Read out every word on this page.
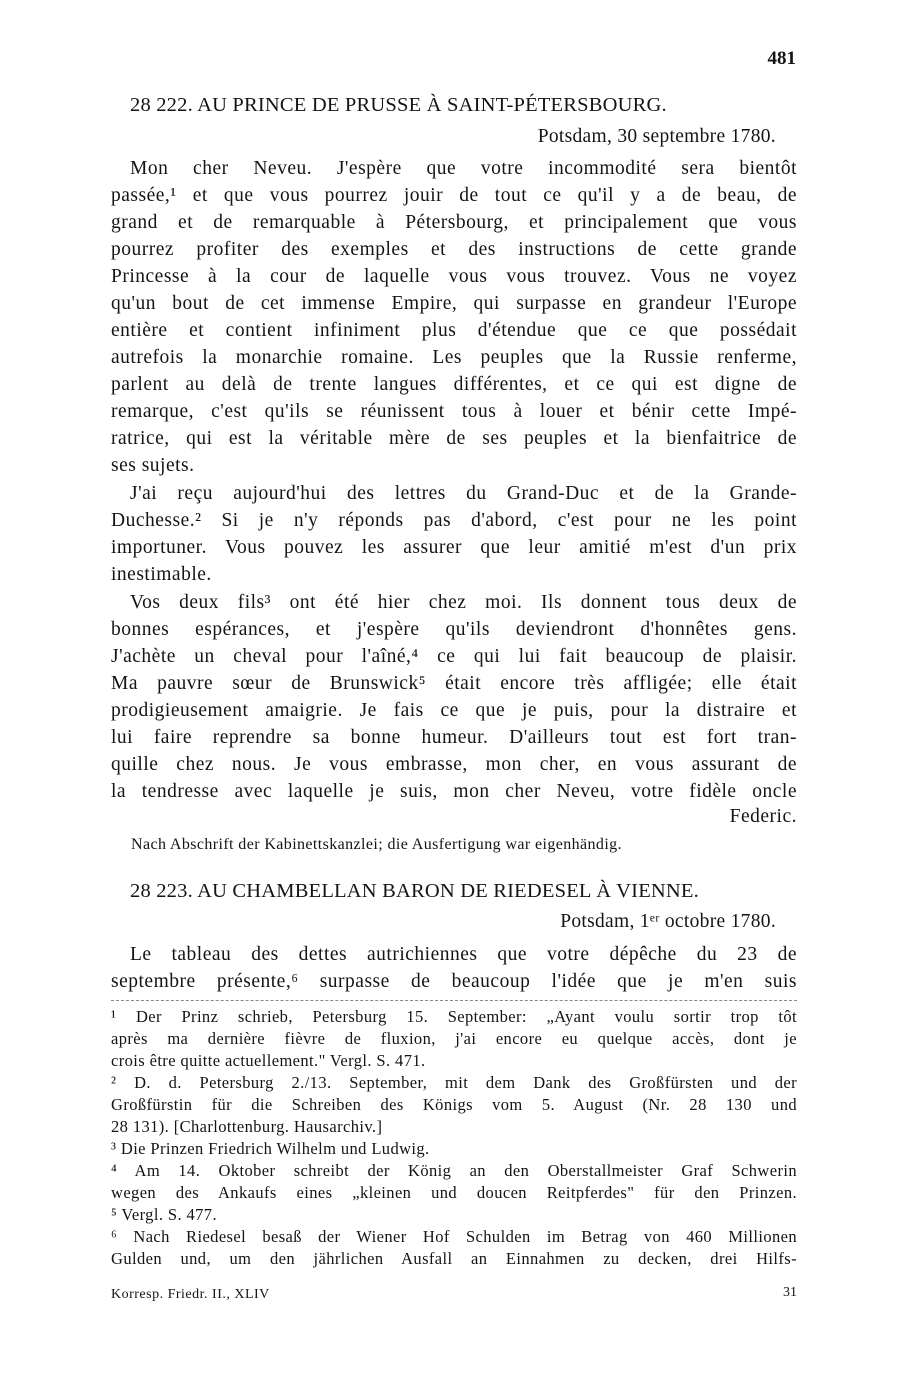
481
28 222. AU PRINCE DE PRUSSE À SAINT-PÉTERSBOURG.
Potsdam, 30 septembre 1780.
Mon cher Neveu. J'espère que votre incommodité sera bientôt
passée,¹ et que vous pourrez jouir de tout ce qu'il y a de beau, de
grand et de remarquable à Pétersbourg, et principalement que vous
pourrez profiter des exemples et des instructions de cette grande
Princesse à la cour de laquelle vous vous trouvez. Vous ne voyez
qu'un bout de cet immense Empire, qui surpasse en grandeur l'Europe
entière et contient infiniment plus d'étendue que ce que possédait
autrefois la monarchie romaine. Les peuples que la Russie renferme,
parlent au delà de trente langues différentes, et ce qui est digne de
remarque, c'est qu'ils se réunissent tous à louer et bénir cette Impé-
ratrice, qui est la véritable mère de ses peuples et la bienfaitrice de
ses sujets.
J'ai reçu aujourd'hui des lettres du Grand-Duc et de la Grande-
Duchesse.² Si je n'y réponds pas d'abord, c'est pour ne les point
importuner. Vous pouvez les assurer que leur amitié m'est d'un prix
inestimable.
Vos deux fils³ ont été hier chez moi. Ils donnent tous deux de
bonnes espérances, et j'espère qu'ils deviendront d'honnêtes gens.
J'achète un cheval pour l'aîné,⁴ ce qui lui fait beaucoup de plaisir.
Ma pauvre sœur de Brunswick⁵ était encore très affligée; elle était
prodigieusement amaigrie. Je fais ce que je puis, pour la distraire et
lui faire reprendre sa bonne humeur. D'ailleurs tout est fort tran-
quille chez nous. Je vous embrasse, mon cher, en vous assurant de
la tendresse avec laquelle je suis, mon cher Neveu, votre fidèle oncle
Federic.
Nach Abschrift der Kabinettskanzlei; die Ausfertigung war eigenhändig.
28 223. AU CHAMBELLAN BARON DE RIEDESEL À VIENNE.
Potsdam, 1ᵉʳ octobre 1780.
Le tableau des dettes autrichiennes que votre dépêche du 23 de
septembre présente,⁶ surpasse de beaucoup l'idée que je m'en suis
¹ Der Prinz schrieb, Petersburg 15. September: „Ayant voulu sortir trop tôt
après ma dernière fièvre de fluxion, j'ai encore eu quelque accès, dont je
crois être quitte actuellement." Vergl. S. 471.
² D. d. Petersburg 2./13. September, mit dem Dank des Großfürsten und der
Großfürstin für die Schreiben des Königs vom 5. August (Nr. 28 130 und
28 131). [Charlottenburg. Hausarchiv.]
³ Die Prinzen Friedrich Wilhelm und Ludwig.
⁴ Am 14. Oktober schreibt der König an den Oberstallmeister Graf Schwerin
wegen des Ankaufs eines „kleinen und doucen Reitpferdes" für den Prinzen.
⁵ Vergl. S. 477.
⁶ Nach Riedesel besaß der Wiener Hof Schulden im Betrag von 460 Millionen
Gulden und, um den jährlichen Ausfall an Einnahmen zu decken, drei Hilfs-
Korresp. Friedr. II., XLIV	31
